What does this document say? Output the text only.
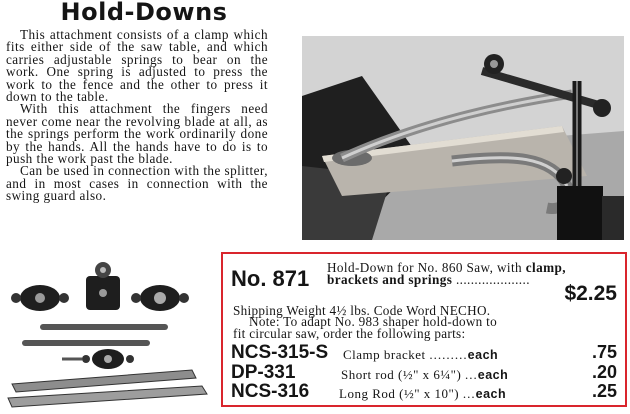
Hold-Downs

This attachment consists of a clamp which fits either side of the saw table, and which carries adjustable springs to bear on the work. One spring is adjusted to press the work to the fence and the other to press it down to the table.

With this attachment the fingers need never come near the revolving blade at all, as the springs perform the work ordinarily done by the hands. All the hands have to do is to push the work past the blade.

Can be used in connection with the splitter, and in most cases in connection with the swing guard also.

No. 871 Hold-Down for No. 860 Saw, with clamp, brackets and springs ....................
$2.25
Shipping Weight 4½ lbs. Code Word NECHO.
Note: To adapt No. 983 shaper hold-down to
fit circular saw, order the following parts:
NCS-315-S Clamp bracket .........each	.75
DP-331	Short rod (½" x 6¼") ...each	.20
NCS-316 Long Rod (½" x 10") ...each	.25
